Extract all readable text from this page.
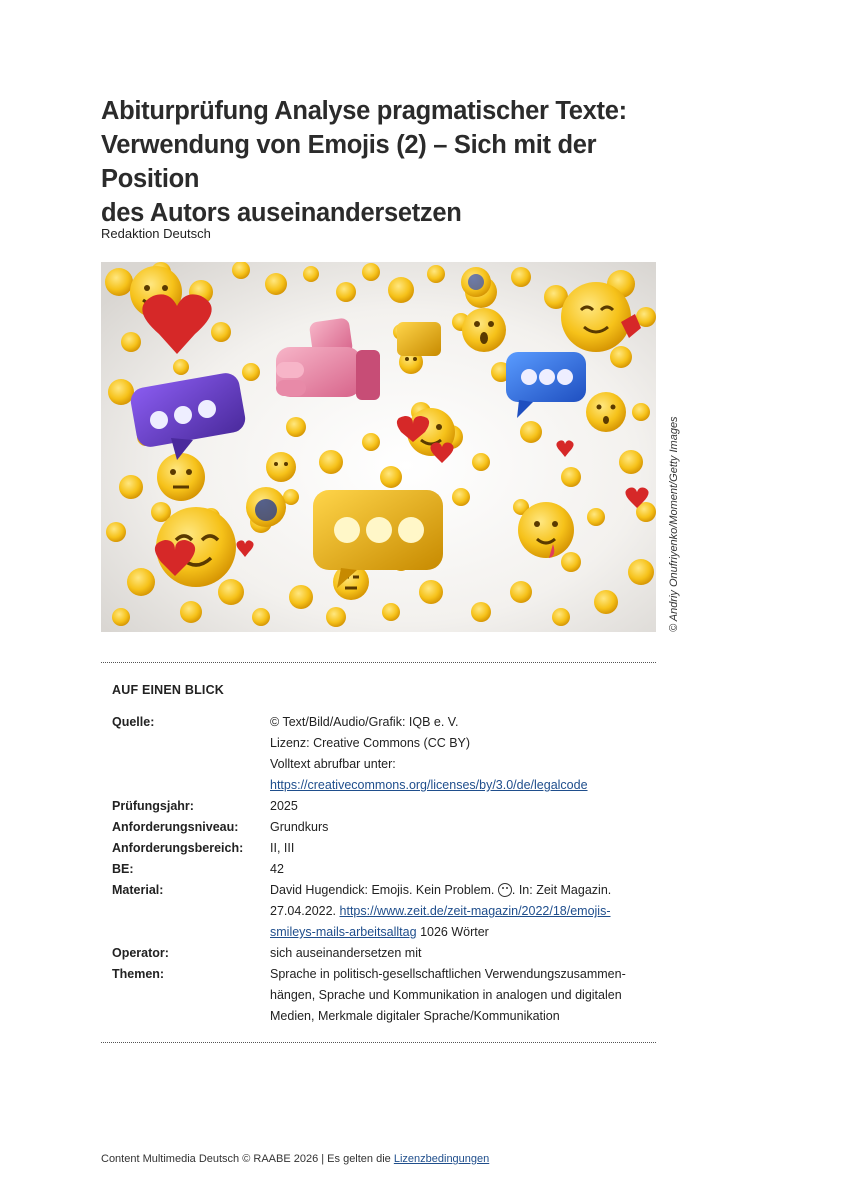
Abiturprüfung Analyse pragmatischer Texte:
Verwendung von Emojis (2) – Sich mit der Position
des Autors auseinandersetzen
Redaktion Deutsch
© Andriy Onufriyenko/Moment/Getty Images
AUF EINEN BLICK
Quelle:	© Text/Bild/Audio/Grafik: IQB e. V.
Lizenz: Creative Commons (CC BY)
Volltext abrufbar unter:
https://creativecommons.org/licenses/by/3.0/de/legalcode
Prüfungsjahr:	2025
Anforderungsniveau:	Grundkurs
Anforderungsbereich:	II, III
BE:	42
Material:	David Hugendick: Emojis. Kein Problem. . In: Zeit Magazin.
27.04.2022. https://www.zeit.de/zeit-magazin/2022/18/emojis-
smileys-mails-arbeitsalltag 1026 Wörter
Operator:	sich auseinandersetzen mit
Themen:	Sprache in politisch-gesellschaftlichen Verwendungszusammen-
hängen, Sprache und Kommunikation in analogen und digitalen
Medien, Merkmale digitaler Sprache/Kommunikation
Content Multimedia Deutsch © RAABE 2026 | Es gelten die Lizenzbedingungen
